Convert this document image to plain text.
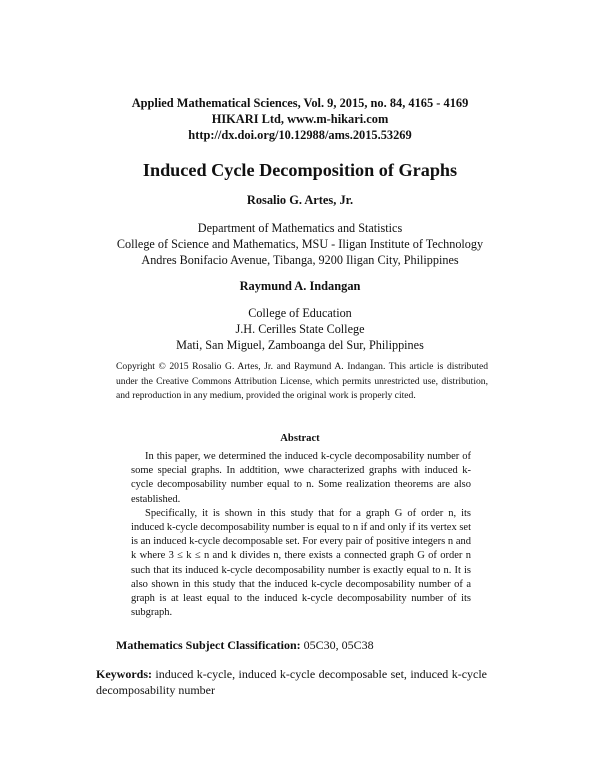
Applied Mathematical Sciences, Vol. 9, 2015, no. 84, 4165 - 4169
HIKARI Ltd, www.m-hikari.com
http://dx.doi.org/10.12988/ams.2015.53269
Induced Cycle Decomposition of Graphs
Rosalio G. Artes, Jr.
Department of Mathematics and Statistics
College of Science and Mathematics, MSU - Iligan Institute of Technology
Andres Bonifacio Avenue, Tibanga, 9200 Iligan City, Philippines
Raymund A. Indangan
College of Education
J.H. Cerilles State College
Mati, San Miguel, Zamboanga del Sur, Philippines
Copyright © 2015 Rosalio G. Artes, Jr. and Raymund A. Indangan. This article is distributed under the Creative Commons Attribution License, which permits unrestricted use, distribution, and reproduction in any medium, provided the original work is properly cited.
Abstract

In this paper, we determined the induced k-cycle decomposability number of some special graphs. In addtition, wwe characterized graphs with induced k-cycle decomposability number equal to n. Some realization theorems are also established.

Specifically, it is shown in this study that for a graph G of order n, its induced k-cycle decomposability number is equal to n if and only if its vertex set is an induced k-cycle decomposable set. For every pair of positive integers n and k where 3 ≤ k ≤ n and k divides n, there exists a connected graph G of order n such that its induced k-cycle decomposability number is exactly equal to n. It is also shown in this study that the induced k-cycle decomposability number of a graph is at least equal to the induced k-cycle decomposability number of its subgraph.

Mathematics Subject Classification: 05C30, 05C38
Keywords: induced k-cycle, induced k-cycle decomposable set, induced k-cycle decomposability number
